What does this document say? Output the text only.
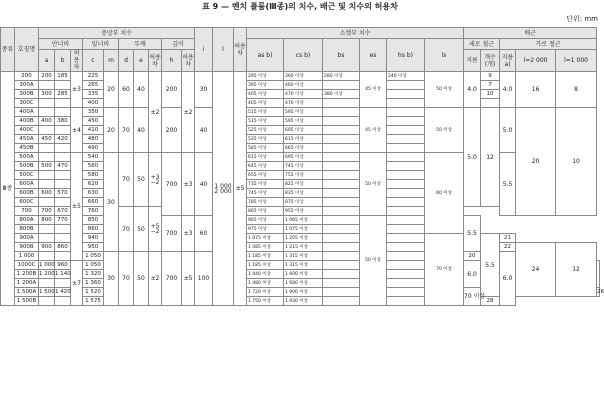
표 9 — 벤치 플룸(Ⅲ종)의 치수, 배근 및 치수의 허용차
단위: mm
종류	호칭명	중앙부 치수										i	l	허용차	소켓부 치수						배근					
		안너비			밑너비		두께			깊이					as b)	cs b)	bs	es	hs b)	ls	세로 철근		가로 철근			
		a	b	허용차	c	m	d	e	허용차	h	허용차										지름	개수(개)	지름a)	l=2 000	l=1 000	
Ⅲ종	200	200	185	±3	225	20	60	40	±2	200	±2	30	1 000 2 000	±5	295 이상	360 이상	280 이상	45 이상	240 이상	50 이상	4.0	9	4.0	16	8	
	300A				265										395 이상	460 이상						7				
	300B	300	285		335										405 이상	470 이상	380 이상					10				
	300C				400										405 이상	470 이상										
	400A			±4	350	20	70	40		200		40			515 이상	595 이상		45 이상		50 이상	5.0	12	5.0	20	10	
	400B	400	380		450										515 이상	595 이상										
	400C				410										525 이상	605 이상										
	450A	450	420		480										535 이상	615 이상										
	450B				490										585 이상	665 이상										
	500A			±5	540	30	70	50	+3 −2	700	±3	40			615 이상	695 이상		50 이상		60 이상			5.5			
	500B	500	470		560										645 이상	745 이상										
	500C				580										655 이상	755 이상										
	600A				620										735 이상	825 이상										
	600B	600	570		630										745 이상	835 이상										
	600C				660										785 이상	875 이상										
	700	700	670		760		70	50	+5 −2						865 이상	955 이상										
	800A	800	770		850					700	±3	60			965 이상	1 065 이상		50 이상			5.5					
	800B				860										975 이상	1 075 이상										
	900A				940										1 075 이상	1 205 이상				70 이상		5.5	21			
	900B	900	860		950										1 085 이상	1 215 이상							22	24	12	
	1 000				1 050	30	70	50	±2	700	±5	100			1 185 이상	1 315 이상					20		6.0			
	1000C	1 000	960	±7	1 050										1 185 이상	1 315 이상					6.0					
	1 200B	1 200	1 140		1 320										1 440 이상	1 600 이상										
	1 200A				1 360										1 480 이상	1 680 이상										
	1 500A	1 500	1 420		1 520										1 720 이상	1 900 이상					70 이상					26
	1 500B				1 575										1 750 이상	1 930 이상						28				
